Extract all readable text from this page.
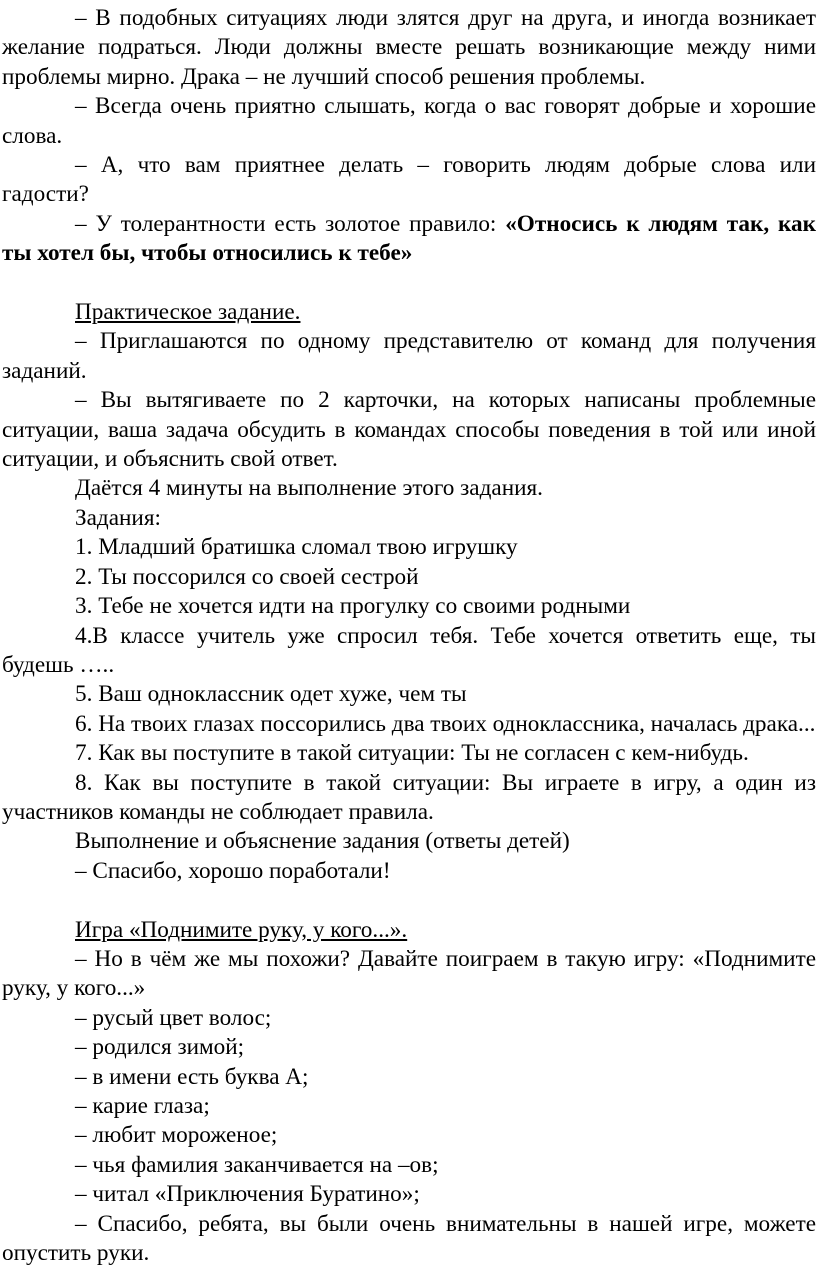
– В подобных ситуациях люди злятся друг на друга, и иногда возникает желание подраться. Люди должны вместе решать возникающие между ними проблемы мирно. Драка – не лучший способ решения проблемы.

– Всегда очень приятно слышать, когда о вас говорят добрые и хорошие слова.

– А, что вам приятнее делать – говорить людям добрые слова или гадости?

– У толерантности есть золотое правило: «Относись к людям так, как ты хотел бы, чтобы относились к тебе»

Практическое задание.

– Приглашаются по одному представителю от команд для получения заданий.

– Вы вытягиваете по 2 карточки, на которых написаны проблемные ситуации, ваша задача обсудить в командах способы поведения в той или иной ситуации, и объяснить свой ответ.

Даётся 4 минуты на выполнение этого задания.

Задания:

1. Младший братишка сломал твою игрушку

2. Ты поссорился со своей сестрой

3. Тебе не хочется идти на прогулку со своими родными

4.В классе учитель уже спросил тебя. Тебе хочется ответить еще, ты будешь …..

5. Ваш одноклассник одет хуже, чем ты

6. На твоих глазах поссорились два твоих одноклассника, началась драка...

7. Как вы поступите в такой ситуации: Ты не согласен с кем-нибудь.

8. Как вы поступите в такой ситуации: Вы играете в игру, а один из участников команды не соблюдает правила.

Выполнение и объяснение задания (ответы детей)

– Спасибо, хорошо поработали!

Игра «Поднимите руку, у кого...».

– Но в чём же мы похожи? Давайте поиграем в такую игру: «Поднимите руку, у кого...»

– русый цвет волос;

– родился зимой;

– в имени есть буква А;

– карие глаза;

– любит мороженое;

– чья фамилия заканчивается на –ов;

– читал «Приключения Буратино»;

– Спасибо, ребята, вы были очень внимательны в нашей игре, можете опустить руки.
